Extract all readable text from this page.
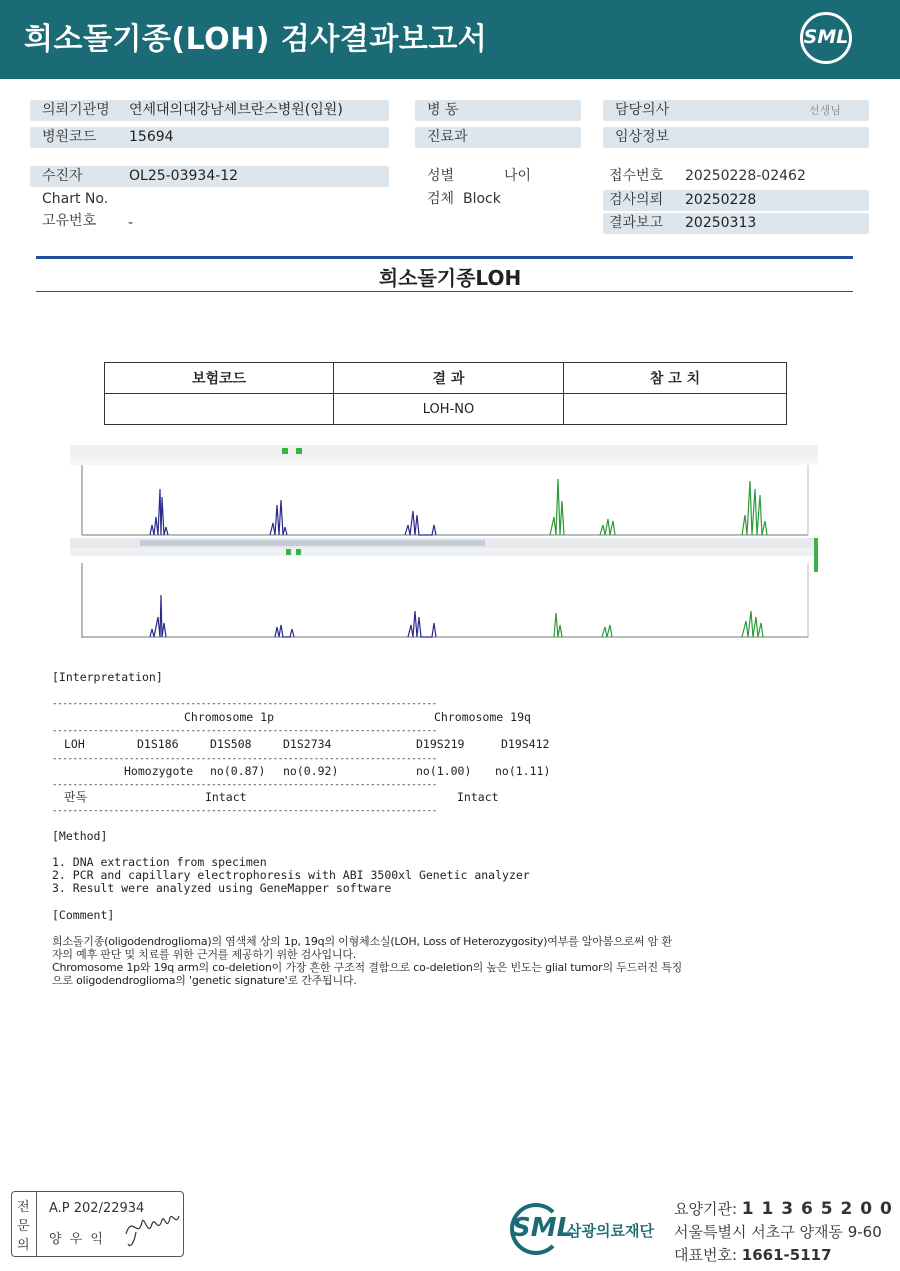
희소돌기종(LOH) 검사결과보고서	SML
의뢰기관명 연세대의대강남세브란스병원(입원)
병원코드 15694
병 동
진료과
담당의사	선생님
임상정보
수진자	OL25-03934-12
Chart No.
고유번호 -
성별	나이
검체 Block
접수번호 20250228-02462
검사의뢰 20250228
결과보고 20250313
희소돌기종LOH
보험코드	결 과	참 고 치
	LOH-NO	
[Interpretation]
---------------------------------------------------------------------------
Chromosome 1p	Chromosome 19q
---------------------------------------------------------------------------
LOH	D1S186	D1S508	D1S2734	D19S219	D19S412
---------------------------------------------------------------------------
Homozygote no(0.87) no(0.92)	no(1.00) no(1.11)
---------------------------------------------------------------------------
판독	Intact	Intact
---------------------------------------------------------------------------
[Method]
1. DNA extraction from specimen
2. PCR and capillary electrophoresis with ABI 3500xl Genetic analyzer
3. Result were analyzed using GeneMapper software
[Comment]
희소돌기종(oligodendroglioma)의 염색체 상의 1p, 19q의 이형체소실(LOH, Loss of Heterozygosity)여부를 알아봄으로써 암 환
자의 예후 판단 및 치료를 위한 근거를 제공하기 위한 검사입니다.
Chromosome 1p와 19q arm의 co-deletion이 가장 흔한 구조적 결함으로 co-deletion의 높은 빈도는 glial tumor의 두드러진 특징
으로 oligodendroglioma의 'genetic signature'로 간주됩니다.
전
문
의
A.P 202/22934
양 우 익	SML
삼광의료재단
요양기관: 1 1 3 6 5 2 0 0
서울특별시 서초구 양재동 9-60
대표번호: 1661-5117
